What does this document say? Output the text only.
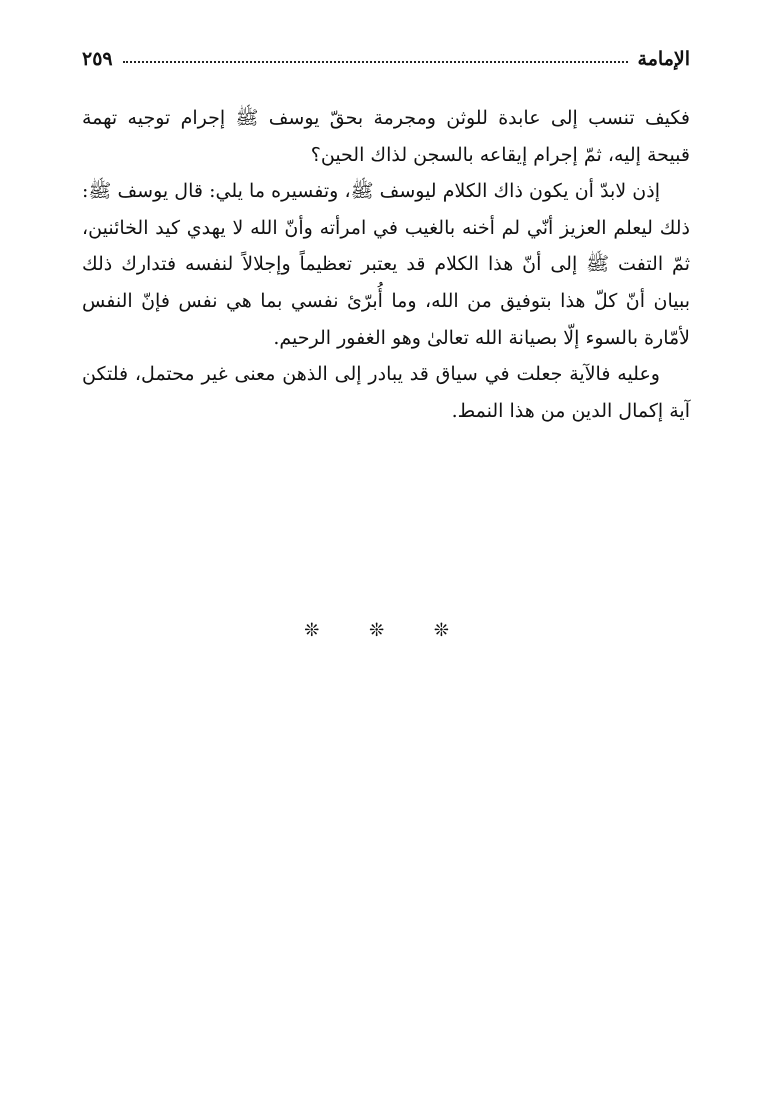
الإمامة
٢٥٩

فكيف تنسب إلى عابدة للوثن ومجرمة بحقّ يوسف ﷺ إجرام توجيه تهمة قبيحة إليه، ثمّ إجرام إيقاعه بالسجن لذاك الحين؟

إذن لابدّ أن يكون ذاك الكلام ليوسف ﷺ، وتفسيره ما يلي: قال يوسف ﷺ: ذلك ليعلم العزيز أنّي لم أخنه بالغيب في امرأته وأنّ الله لا يهدي كيد الخائنين، ثمّ التفت ﷺ إلى أنّ هذا الكلام قد يعتبر تعظيماً وإجلالاً لنفسه فتدارك ذلك ببيان أنّ كلّ هذا بتوفيق من الله، وما أُبرّئ نفسي بما هي نفس فإنّ النفس لأمّارة بالسوء إلّا بصيانة الله تعالىٰ وهو الغفور الرحيم.

وعليه فالآية جعلت في سياق قد يبادر إلى الذهن معنى غير محتمل، فلتكن آية إكمال الدين من هذا النمط.

❊ ❊ ❊
